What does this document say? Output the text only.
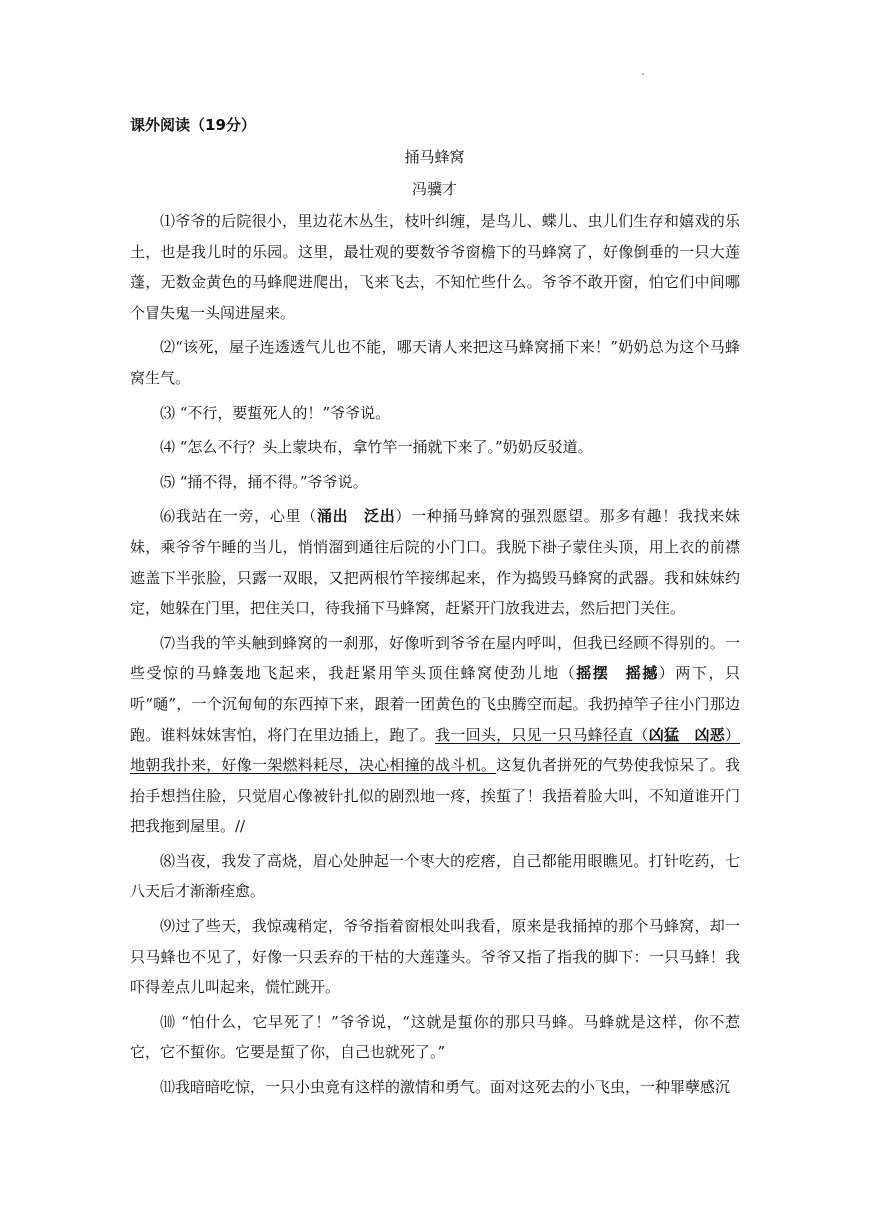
.
课外阅读（19分）
捅马蜂窝
冯骥才

⑴爷爷的后院很小，里边花木丛生，枝叶纠缠，是鸟儿、蝶儿、虫儿们生存和嬉戏的乐土，也是我儿时的乐园。这里，最壮观的要数爷爷窗檐下的马蜂窝了，好像倒垂的一只大莲蓬，无数金黄色的马蜂爬进爬出，飞来飞去，不知忙些什么。爷爷不敢开窗，怕它们中间哪个冒失鬼一头闯进屋来。

⑵“该死，屋子连透透气儿也不能，哪天请人来把这马蜂窝捅下来！”奶奶总为这个马蜂窝生气。

⑶ “不行，要蜇死人的！”爷爷说。

⑷ “怎么不行？头上蒙块布，拿竹竿一捅就下来了。”奶奶反驳道。

⑸ “捅不得，捅不得。”爷爷说。

⑹我站在一旁，心里（涌出　泛出）一种捅马蜂窝的强烈愿望。那多有趣！我找来妹妹，乘爷爷午睡的当儿，悄悄溜到通往后院的小门口。我脱下褂子蒙住头顶，用上衣的前襟遮盖下半张脸，只露一双眼，又把两根竹竿接绑起来，作为捣毁马蜂窝的武器。我和妹妹约定，她躲在门里，把住关口，待我捅下马蜂窝，赶紧开门放我进去，然后把门关住。

⑺当我的竿头触到蜂窝的一刹那，好像听到爷爷在屋内呼叫，但我已经顾不得别的。一些受惊的马蜂轰地飞起来，我赶紧用竿头顶住蜂窝使劲儿地（摇摆　摇撼）两下，只听“嗵”，一个沉甸甸的东西掉下来，跟着一团黄色的飞虫腾空而起。我扔掉竿子往小门那边跑。谁料妹妹害怕，将门在里边插上，跑了。我一回头，只见一只马蜂径直（凶猛　凶恶）地朝我扑来，好像一架燃料耗尽，决心相撞的战斗机。这复仇者拼死的气势使我惊呆了。我抬手想挡住脸，只觉眉心像被针扎似的剧烈地一疼，挨蜇了！我捂着脸大叫，不知道谁开门把我拖到屋里。//

⑻当夜，我发了高烧，眉心处肿起一个枣大的疙瘩，自己都能用眼瞧见。打针吃药，七八天后才渐渐痊愈。

⑼过了些天，我惊魂稍定，爷爷指着窗根处叫我看，原来是我捅掉的那个马蜂窝，却一只马蜂也不见了，好像一只丢弃的干枯的大莲蓬头。爷爷又指了指我的脚下：一只马蜂！我吓得差点儿叫起来，慌忙跳开。

⑽ “怕什么，它早死了！”爷爷说，“这就是蜇你的那只马蜂。马蜂就是这样，你不惹它，它不蜇你。它要是蜇了你，自己也就死了。”

⑾我暗暗吃惊，一只小虫竟有这样的激情和勇气。面对这死去的小飞虫，一种罪孽感沉
